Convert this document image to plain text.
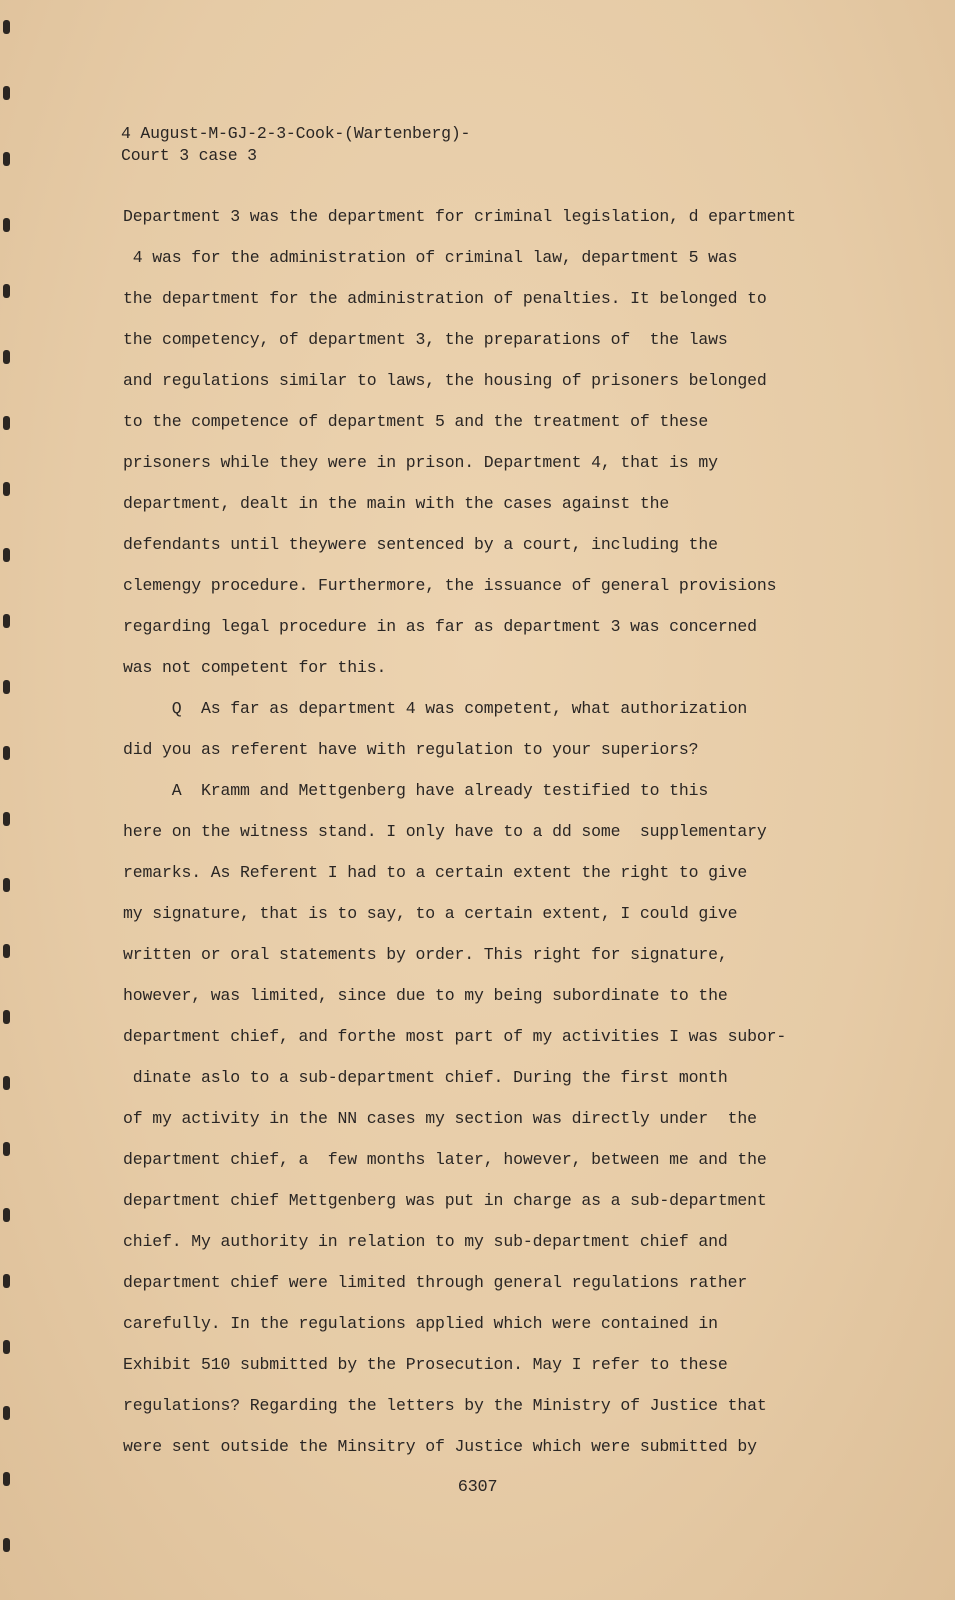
4 August-M-GJ-2-3-Cook-(Wartenberg)-
Court 3 case 3
Department 3 was the department for criminal legislation, d epartment
4 was for the administration of criminal law, department 5 was
the department for the administration of penalties. It belonged to
the competency, of department 3, the preparations of  the laws
and regulations similar to laws, the housing of prisoners belonged
to the competence of department 5 and the treatment of these
prisoners while they were in prison. Department 4, that is my
department, dealt in the main with the cases against the
defendants until theywere sentenced by a court, including the
clemengy procedure. Furthermore, the issuance of general provisions
regarding legal procedure in as far as department 3 was concerned
was not competent for this.
Q  As far as department 4 was competent, what authorization
did you as referent have with regulation to your superiors?
A  Kramm and Mettgenberg have already testified to this
here on the witness stand. I only have to a dd some  supplementary
remarks. As Referent I had to a certain extent the right to give
my signature, that is to say, to a certain extent, I could give
written or oral statements by order. This right for signature,
however, was limited, since due to my being subordinate to the
department chief, and forthe most part of my activities I was subor-
dinate aslo to a sub-department chief. During the first month
of my activity in the NN cases my section was directly under  the
department chief, a  few months later, however, between me and the
department chief Mettgenberg was put in charge as a sub-department
chief. My authority in relation to my sub-department chief and
department chief were limited through general regulations rather
carefully. In the regulations applied which were contained in
Exhibit 510 submitted by the Prosecution. May I refer to these
regulations? Regarding the letters by the Ministry of Justice that
were sent outside the Minsitry of Justice which were submitted by
6307
